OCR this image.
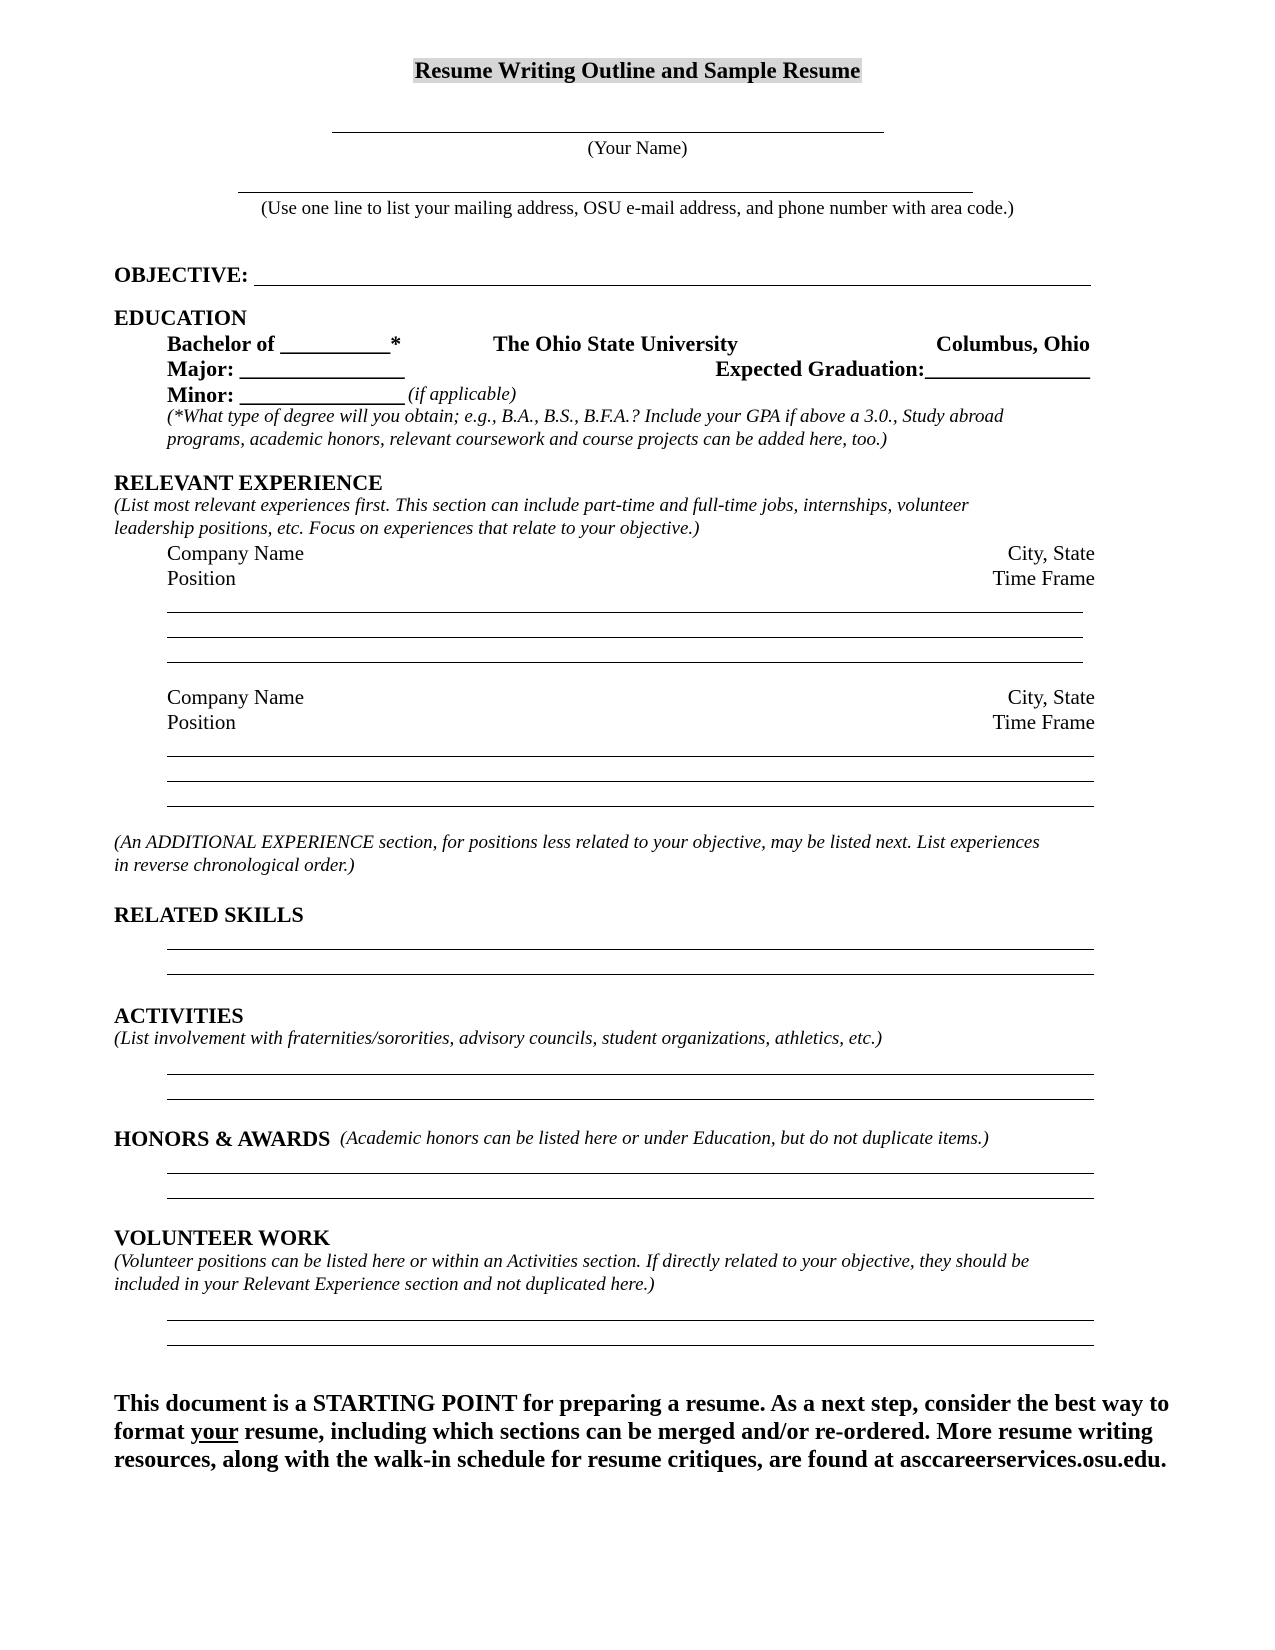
Resume Writing Outline and Sample Resume
(Your Name)
(Use one line to list your mailing address, OSU e-mail address, and phone number with area code.)
OBJECTIVE:
EDUCATION
Bachelor of __________*	The Ohio State University	Columbus, Ohio
Major: _______________	Expected Graduation:_______________
Minor: _______________ (if applicable)
(*What type of degree will you obtain; e.g., B.A., B.S., B.F.A.? Include your GPA if above a 3.0., Study abroad
programs, academic honors, relevant coursework and course projects can be added here, too.)
RELEVANT EXPERIENCE
(List most relevant experiences first. This section can include part-time and full-time jobs, internships, volunteer
leadership positions, etc. Focus on experiences that relate to your objective.)
Company Name	City, State
Position	Time Frame
Company Name	City, State
Position	Time Frame
(An ADDITIONAL EXPERIENCE section, for positions less related to your objective, may be listed next. List experiences
in reverse chronological order.)
RELATED SKILLS
ACTIVITIES
(List involvement with fraternities/sororities, advisory councils, student organizations, athletics, etc.)
HONORS & AWARDS (Academic honors can be listed here or under Education, but do not duplicate items.)
VOLUNTEER WORK
(Volunteer positions can be listed here or within an Activities section. If directly related to your objective, they should be
included in your Relevant Experience section and not duplicated here.)
This document is a STARTING POINT for preparing a resume. As a next step, consider the best way to format your resume, including which sections can be merged and/or re-ordered. More resume writing resources, along with the walk-in schedule for resume critiques, are found at asccareerservices.osu.edu.
